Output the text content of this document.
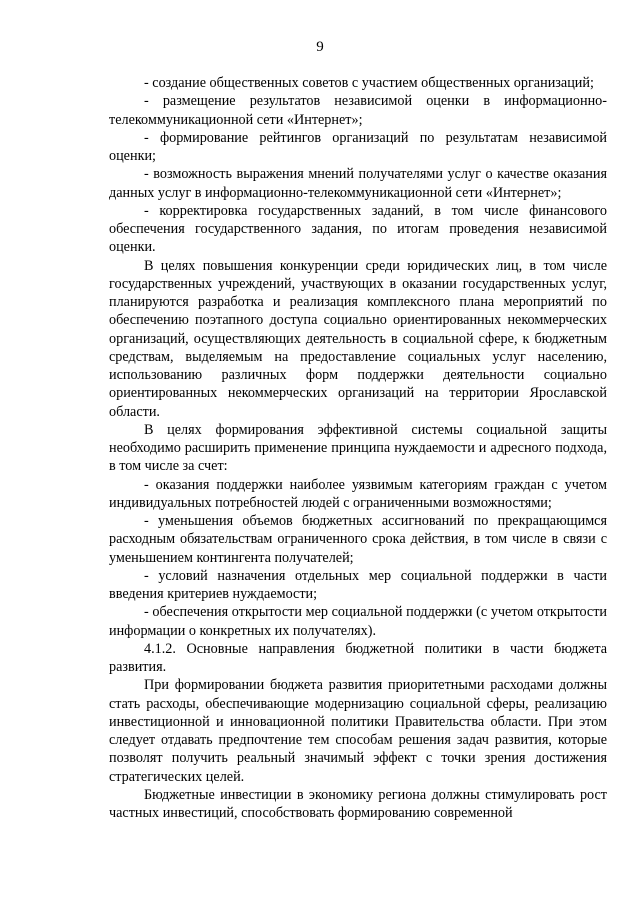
9

- создание общественных советов с участием общественных организаций;

- размещение результатов независимой оценки в информационно-телекоммуникационной сети «Интернет»;

- формирование рейтингов организаций по результатам независимой оценки;

- возможность выражения мнений получателями услуг о качестве оказания данных услуг в информационно-телекоммуникационной сети «Интернет»;

- корректировка государственных заданий, в том числе финансового обеспечения государственного задания, по итогам проведения независимой оценки.

В целях повышения конкуренции среди юридических лиц, в том числе государственных учреждений, участвующих в оказании государственных услуг, планируются разработка и реализация комплексного плана мероприятий по обеспечению поэтапного доступа социально ориентированных некоммерческих организаций, осуществляющих деятельность в социальной сфере, к бюджетным средствам, выделяемым на предоставление социальных услуг населению, использованию различных форм поддержки деятельности социально ориентированных некоммерческих организаций на территории Ярославской области.

В целях формирования эффективной системы социальной защиты необходимо расширить применение принципа нуждаемости и адресного подхода, в том числе за счет:

- оказания поддержки наиболее уязвимым категориям граждан с учетом индивидуальных потребностей людей с ограниченными возможностями;

- уменьшения объемов бюджетных ассигнований по прекращающимся расходным обязательствам ограниченного срока действия, в том числе в связи с уменьшением контингента получателей;

- условий назначения отдельных мер социальной поддержки в части введения критериев нуждаемости;

- обеспечения открытости мер социальной поддержки (с учетом открытости информации о конкретных их получателях).

4.1.2. Основные направления бюджетной политики в части бюджета развития.

При формировании бюджета развития приоритетными расходами должны стать расходы, обеспечивающие модернизацию социальной сферы, реализацию инвестиционной и инновационной политики Правительства области. При этом следует отдавать предпочтение тем способам решения задач развития, которые позволят получить реальный значимый эффект с точки зрения достижения стратегических целей.

Бюджетные инвестиции в экономику региона должны стимулировать рост частных инвестиций, способствовать формированию современной
